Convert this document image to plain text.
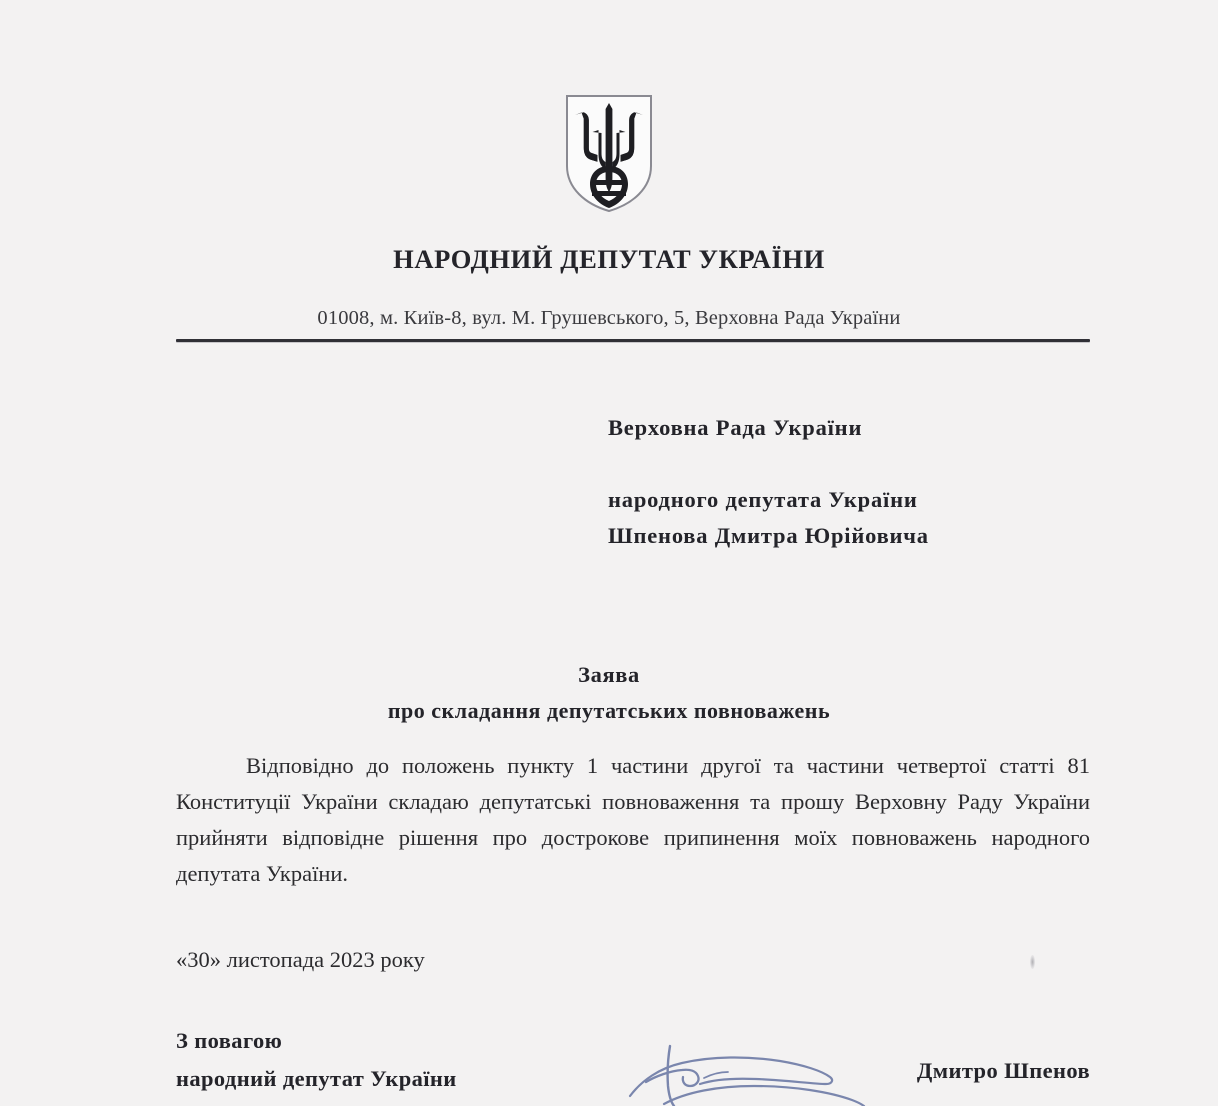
НАРОДНИЙ ДЕПУТАТ УКРАЇНИ
01008, м. Київ-8, вул. М. Грушевського, 5, Верховна Рада України
Верховна Рада України
народного депутата України
Шпенова Дмитра Юрійовича
Заява
про складання депутатських повноважень
Відповідно до положень пункту 1 частини другої та частини четвертої статті 81 Конституції України складаю депутатські повноваження та прошу Верховну Раду України прийняти відповідне рішення про дострокове припинення моїх повноважень народного депутата України.
«30» листопада 2023 року
З повагою
народний депутат України	Дмитро Шпенов
